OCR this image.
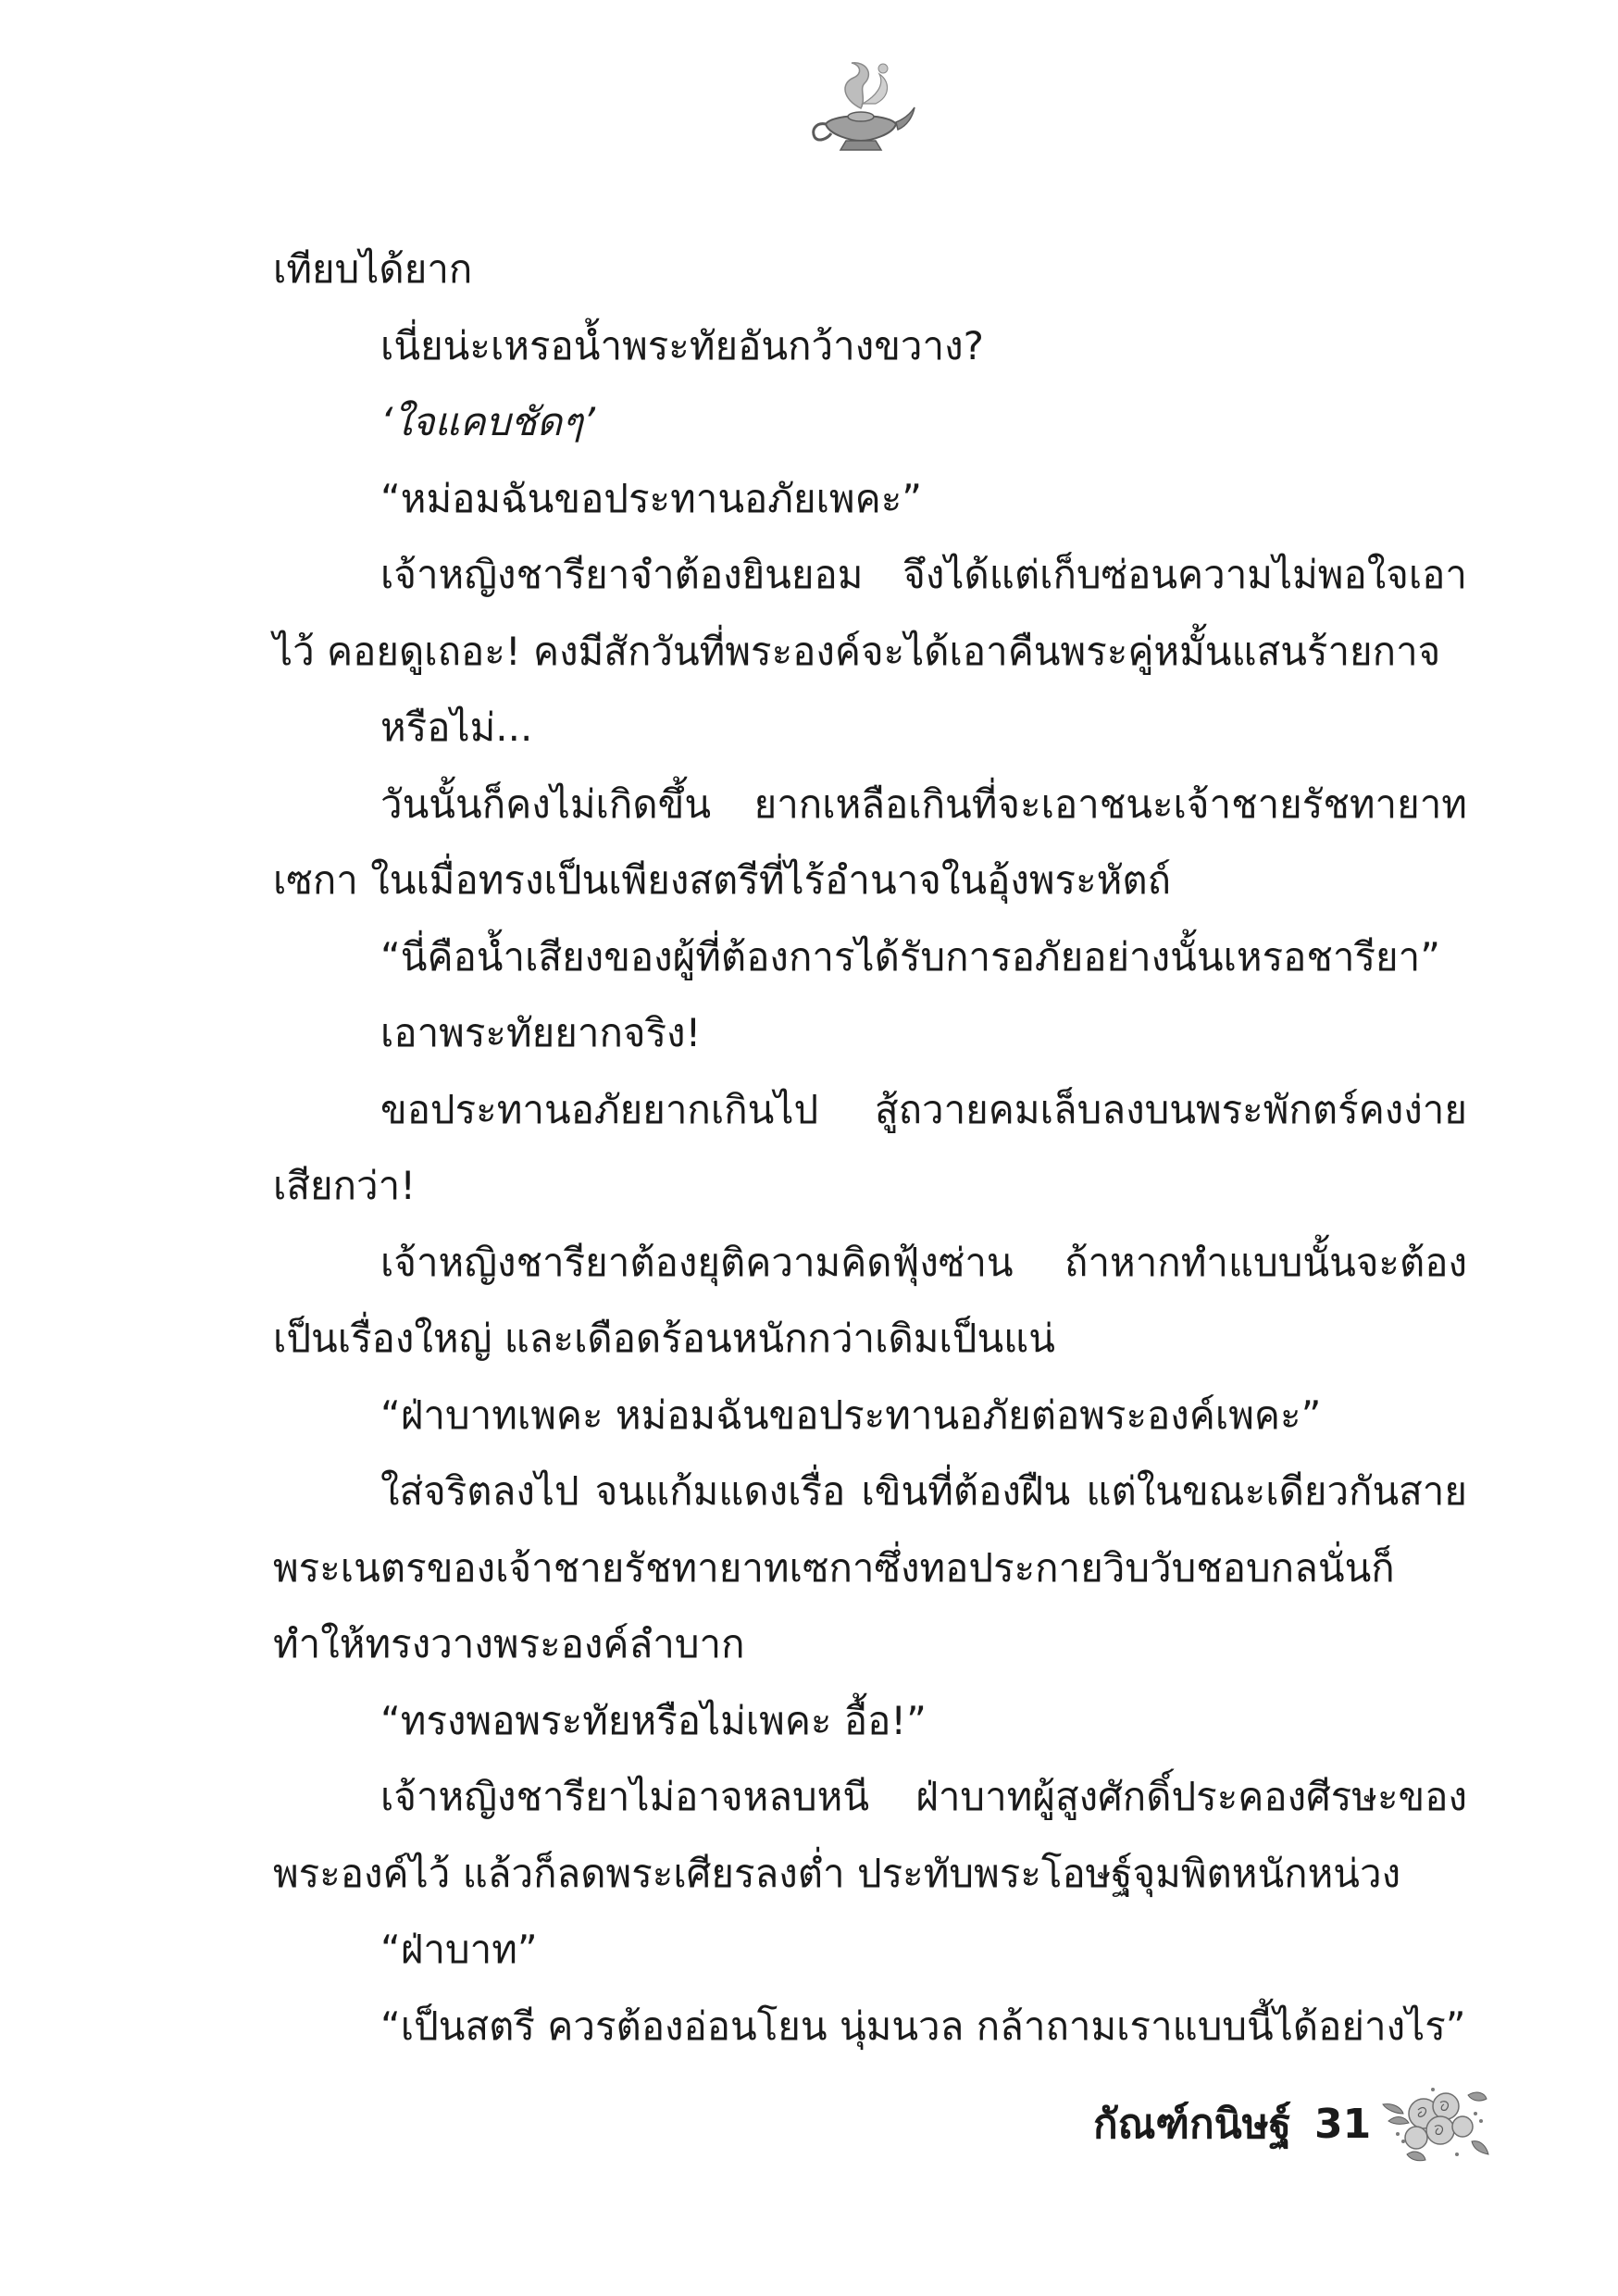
เทียบได้ยาก

เนี่ยน่ะเหรอน้ำพระทัยอันกว้างขวาง?

‘ใจแคบชัดๆ’

“หม่อมฉันขอประทานอภัยเพคะ”

เจ้าหญิงชารียาจำต้องยินยอม จึงได้แต่เก็บซ่อนความไม่พอใจเอาไว้ คอยดูเถอะ! คงมีสักวันที่พระองค์จะได้เอาคืนพระคู่หมั้นแสนร้ายกาจ

หรือไม่...

วันนั้นก็คงไม่เกิดขึ้น ยากเหลือเกินที่จะเอาชนะเจ้าชายรัชทายาทเซกา ในเมื่อทรงเป็นเพียงสตรีที่ไร้อำนาจในอุ้งพระหัตถ์

“นี่คือน้ำเสียงของผู้ที่ต้องการได้รับการอภัยอย่างนั้นเหรอชารียา”

เอาพระทัยยากจริง!

ขอประทานอภัยยากเกินไป สู้ถวายคมเล็บลงบนพระพักตร์คงง่ายเสียกว่า!

เจ้าหญิงชารียาต้องยุติความคิดฟุ้งซ่าน ถ้าหากทำแบบนั้นจะต้องเป็นเรื่องใหญ่ และเดือดร้อนหนักกว่าเดิมเป็นแน่

“ฝ่าบาทเพคะ หม่อมฉันขอประทานอภัยต่อพระองค์เพคะ”

ใส่จริตลงไป จนแก้มแดงเรื่อ เขินที่ต้องฝืน แต่ในขณะเดียวกันสายพระเนตรของเจ้าชายรัชทายาทเซกาซึ่งทอประกายวิบวับชอบกลนั่นก็ทำให้ทรงวางพระองค์ลำบาก

“ทรงพอพระทัยหรือไม่เพคะ อื้อ!”

เจ้าหญิงชารียาไม่อาจหลบหนี ฝ่าบาทผู้สูงศักดิ์ประคองศีรษะของพระองค์ไว้ แล้วก็ลดพระเศียรลงต่ำ ประทับพระโอษฐ์จุมพิตหนักหน่วง

“ฝ่าบาท”

“เป็นสตรี ควรต้องอ่อนโยน นุ่มนวล กล้าถามเราแบบนี้ได้อย่างไร”

กัณฑ์กนิษฐ์ 31
